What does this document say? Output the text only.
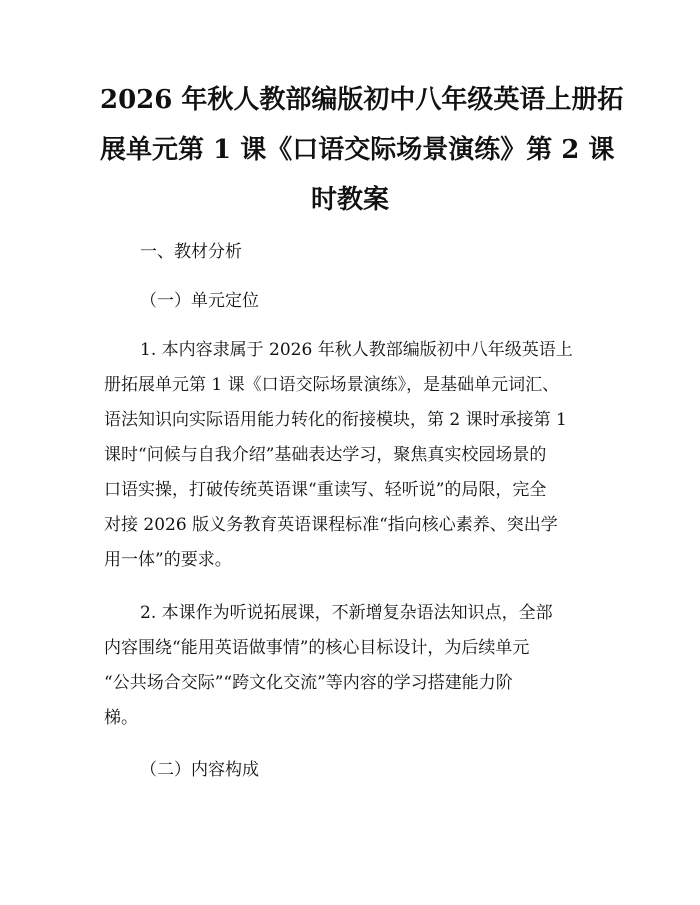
2026 年秋人教部编版初中八年级英语上册拓
展单元第 1 课《口语交际场景演练》第 2 课
时教案

一、教材分析

（一）单元定位

1. 本内容隶属于 2026 年秋人教部编版初中八年级英语上

册拓展单元第 1 课《口语交际场景演练》，是基础单元词汇、

语法知识向实际语用能力转化的衔接模块，第 2 课时承接第 1

课时“问候与自我介绍”基础表达学习，聚焦真实校园场景的

口语实操，打破传统英语课“重读写、轻听说”的局限，完全

对接 2026 版义务教育英语课程标准“指向核心素养、突出学

用一体”的要求。

2. 本课作为听说拓展课，不新增复杂语法知识点，全部

内容围绕“能用英语做事情”的核心目标设计，为后续单元

“公共场合交际”“跨文化交流”等内容的学习搭建能力阶

梯。

（二）内容构成
